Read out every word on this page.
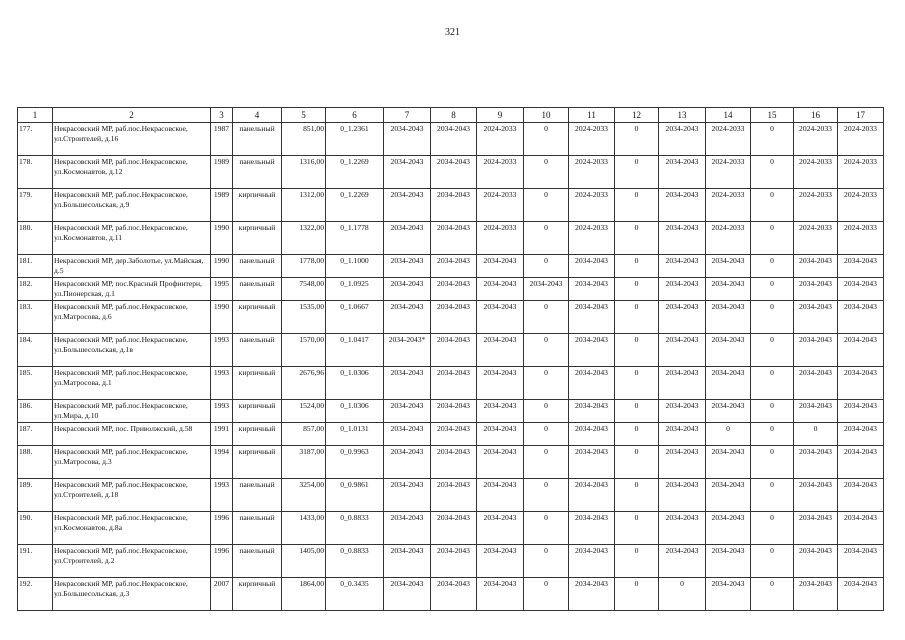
321
1	2	3	4	5	6	7	8	9	10	11	12	13	14	15	16	17
177.	Некрасовский МР, раб.пос.Некрасовское, ул.Строителей, д.16	1987	панельный	851,00	0_1.2361	2034-2043	2034-2043	2024-2033	0	2024-2033	0	2034-2043	2024-2033	0	2024-2033	2024-2033
178.	Некрасовский МР, раб.пос.Некрасовское, ул.Космонавтов, д.12	1989	панельный	1316,00	0_1.2269	2034-2043	2034-2043	2024-2033	0	2024-2033	0	2034-2043	2024-2033	0	2024-2033	2024-2033
179.	Некрасовский МР, раб.пос.Некрасовское, ул.Большесольская, д.9	1989	кирпичный	1312,00	0_1.2269	2034-2043	2034-2043	2024-2033	0	2024-2033	0	2034-2043	2024-2033	0	2024-2033	2024-2033
180.	Некрасовский МР, раб.пос.Некрасовское, ул.Космонавтов, д.11	1990	кирпичный	1322,00	0_1.1778	2034-2043	2034-2043	2024-2033	0	2024-2033	0	2034-2043	2024-2033	0	2024-2033	2024-2033
181.	Некрасовский МР, дер.Заболотье, ул.Майская, д.5	1990	панельный	1778,00	0_1.1000	2034-2043	2034-2043	2034-2043	0	2034-2043	0	2034-2043	2034-2043	0	2034-2043	2034-2043
182.	Некрасовский МР, пос.Красный Профинтерн, ул.Пионерская, д.1	1995	панельный	7548,00	0_1.0925	2034-2043	2034-2043	2034-2043	2034-2043	2034-2043	0	2034-2043	2034-2043	0	2034-2043	2034-2043
183.	Некрасовский МР, раб.пос.Некрасовское, ул.Матросова, д.6	1990	кирпичный	1535,00	0_1.0667	2034-2043	2034-2043	2034-2043	0	2034-2043	0	2034-2043	2034-2043	0	2034-2043	2034-2043
184.	Некрасовский МР, раб.пос.Некрасовское, ул.Большесольская, д.1в	1993	панельный	1570,00	0_1.0417	2034-2043*	2034-2043	2034-2043	0	2034-2043	0	2034-2043	2034-2043	0	2034-2043	2034-2043
185.	Некрасовский МР, раб.пос.Некрасовское, ул.Матросова, д.1	1993	кирпичный	2676,96	0_1.0306	2034-2043	2034-2043	2034-2043	0	2034-2043	0	2034-2043	2034-2043	0	2034-2043	2034-2043
186.	Некрасовский МР, раб.пос.Некрасовское, ул.Мира, д.10	1993	кирпичный	1524,00	0_1.0306	2034-2043	2034-2043	2034-2043	0	2034-2043	0	2034-2043	2034-2043	0	2034-2043	2034-2043
187.	Некрасовский МР, пос. Приволжский, д.58	1991	кирпичный	857,00	0_1.0131	2034-2043	2034-2043	2034-2043	0	2034-2043	0	2034-2043	0	0	0	2034-2043
188.	Некрасовский МР, раб.пос.Некрасовское, ул.Матросова, д.3	1994	кирпичный	3187,00	0_0.9963	2034-2043	2034-2043	2034-2043	0	2034-2043	0	2034-2043	2034-2043	0	2034-2043	2034-2043
189.	Некрасовский МР, раб.пос.Некрасовское, ул.Строителей, д.18	1993	панельный	3254,00	0_0.9861	2034-2043	2034-2043	2034-2043	0	2034-2043	0	2034-2043	2034-2043	0	2034-2043	2034-2043
190.	Некрасовский МР, раб.пос.Некрасовское, ул.Космонавтов, д.8а	1996	панельный	1433,00	0_0.8833	2034-2043	2034-2043	2034-2043	0	2034-2043	0	2034-2043	2034-2043	0	2034-2043	2034-2043
191.	Некрасовский МР, раб.пос.Некрасовское, ул.Строителей, д.2	1996	панельный	1405,00	0_0.8833	2034-2043	2034-2043	2034-2043	0	2034-2043	0	2034-2043	2034-2043	0	2034-2043	2034-2043
192.	Некрасовский МР, раб.пос.Некрасовское, ул.Большесольская, д.3	2007	кирпичный	1864,00	0_0.3435	2034-2043	2034-2043	2034-2043	0	2034-2043	0	0	2034-2043	0	2034-2043	2034-2043
